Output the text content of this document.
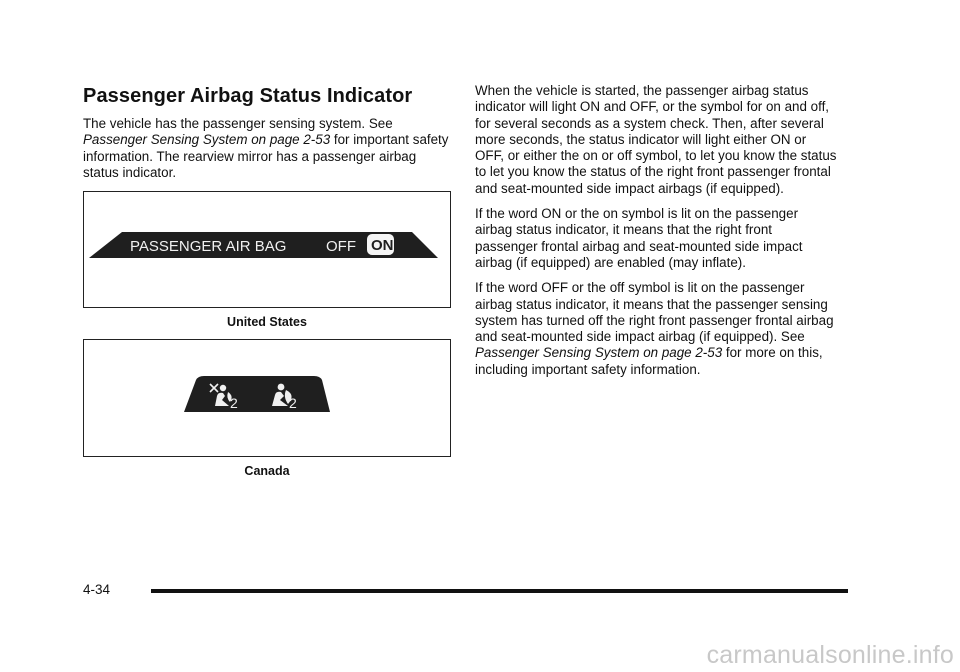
Passenger Airbag Status Indicator

The vehicle has the passenger sensing system. See Passenger Sensing System on page 2-53 for important safety information. The rearview mirror has a passenger airbag status indicator.

PASSENGER AIR BAG	OFF ON
United States
2	2
Canada

When the vehicle is started, the passenger airbag status indicator will light ON and OFF, or the symbol for on and off, for several seconds as a system check. Then, after several more seconds, the status indicator will light either ON or OFF, or either the on or off symbol, to let you know the status to let you know the status of the right front passenger frontal and seat-mounted side impact airbags (if equipped).

If the word ON or the on symbol is lit on the passenger airbag status indicator, it means that the right front passenger frontal airbag and seat-mounted side impact airbag (if equipped) are enabled (may inflate).

If the word OFF or the off symbol is lit on the passenger airbag status indicator, it means that the passenger sensing system has turned off the right front passenger frontal airbag and seat-mounted side impact airbag (if equipped). See Passenger Sensing System on page 2-53 for more on this, including important safety information.

4-34
carmanualsonline.info
